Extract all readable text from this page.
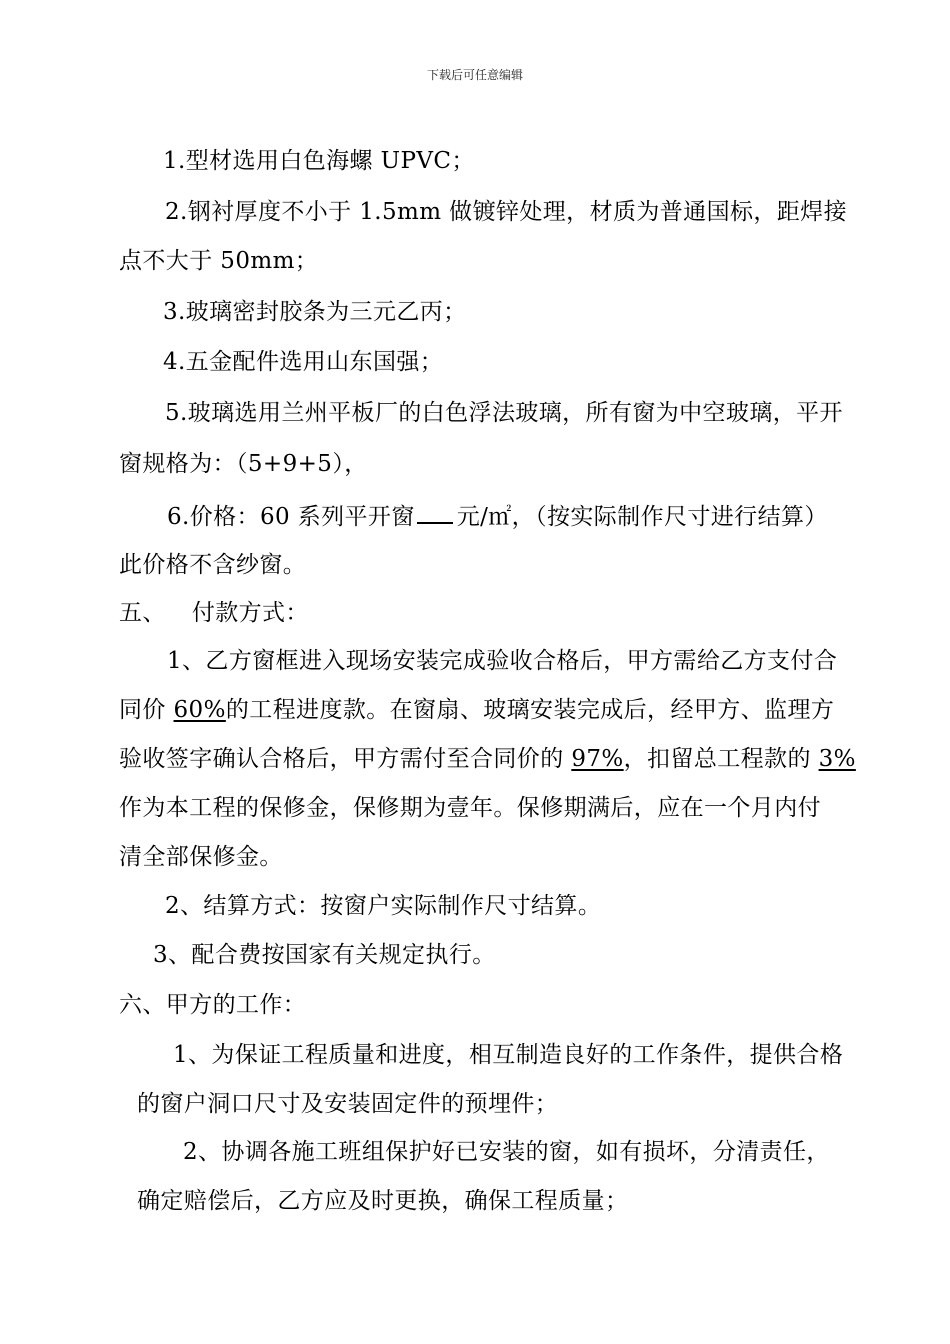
下载后可任意编辑
1.型材选用白色海螺 UPVC；
2.钢衬厚度不小于 1.5mm 做镀锌处理，材质为普通国标，距焊接
点不大于 50mm；
3.玻璃密封胶条为三元乙丙；
4.五金配件选用山东国强；
5.玻璃选用兰州平板厂的白色浮法玻璃，所有窗为中空玻璃，平开
窗规格为：（5+9+5），
6.价格：60 系列平开窗 元/㎡，（按实际制作尺寸进行结算）
此价格不含纱窗。
五、 付款方式：
1、乙方窗框进入现场安装完成验收合格后，甲方需给乙方支付合
同价 60%的工程进度款。在窗扇、玻璃安装完成后，经甲方、监理方
验收签字确认合格后，甲方需付至合同价的 97%，扣留总工程款的 3%
作为本工程的保修金，保修期为壹年。保修期满后，应在一个月内付
清全部保修金。
2、结算方式：按窗户实际制作尺寸结算。
3、配合费按国家有关规定执行。
六、甲方的工作：
1、为保证工程质量和进度，相互制造良好的工作条件，提供合格
的窗户洞口尺寸及安装固定件的预埋件；
2、协调各施工班组保护好已安装的窗，如有损坏，分清责任，
确定赔偿后，乙方应及时更换，确保工程质量；
